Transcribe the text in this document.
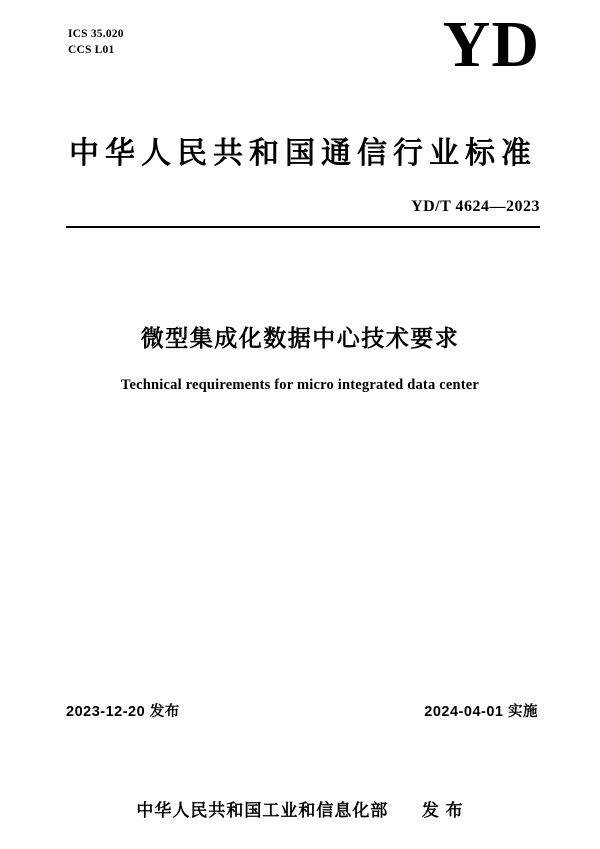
ICS 35.020
CCS L01	YD
中华人民共和国通信行业标准
YD/T 4624—2023
微型集成化数据中心技术要求
Technical requirements for micro integrated data center
2023-12-20 发布	2024-04-01 实施
中华人民共和国工业和信息化部 发 布
